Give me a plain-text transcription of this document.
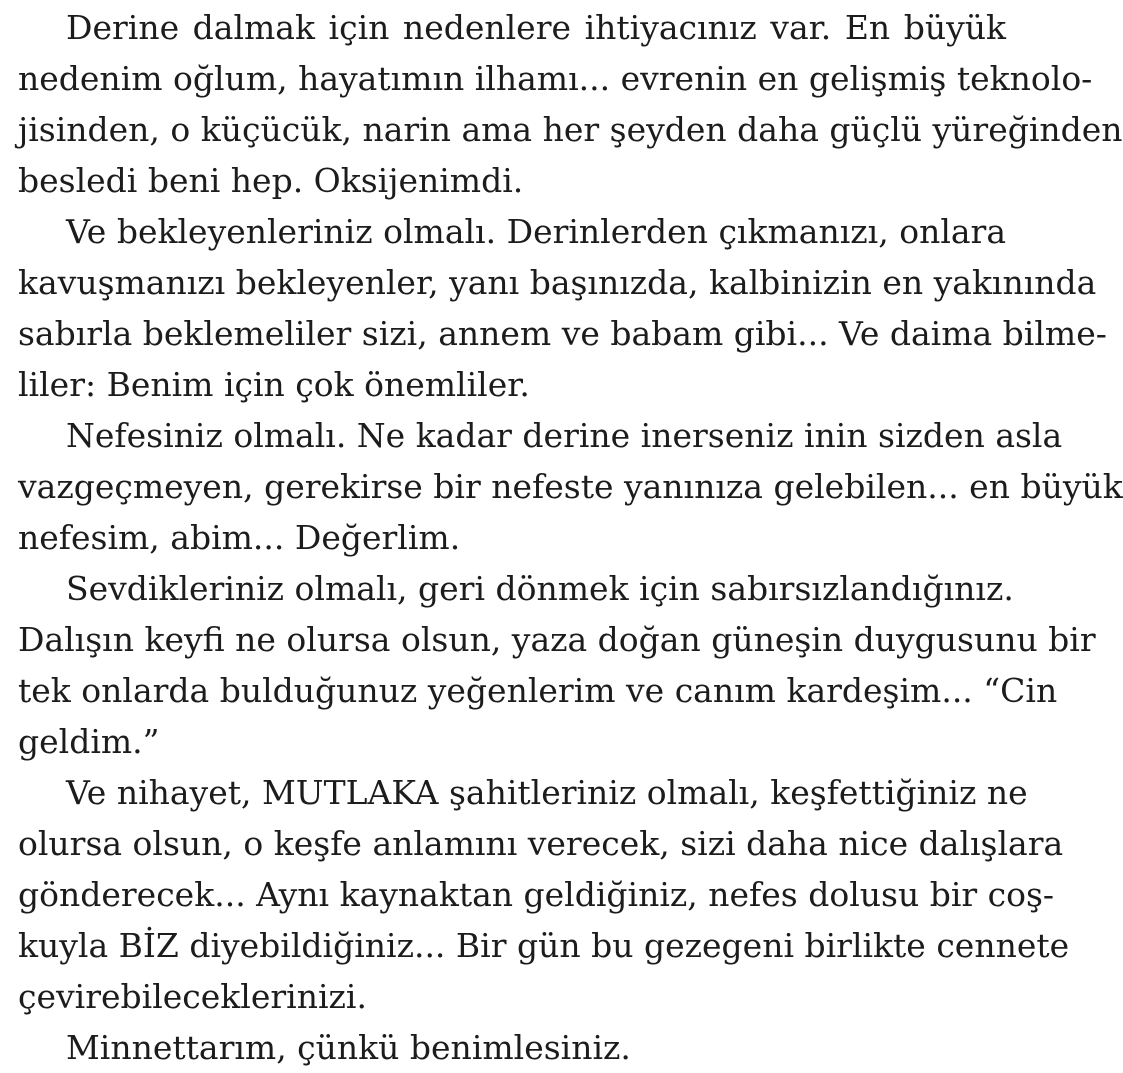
Derine dalmak için nedenlere ihtiyacınız var. En büyük
nedenim oğlum, hayatımın ilhamı... evrenin en gelişmiş teknolo-
jisinden, o küçücük, narin ama her şeyden daha güçlü yüreğinden
besledi beni hep. Oksijenimdi.
Ve bekleyenleriniz olmalı. Derinlerden çıkmanızı, onlara
kavuşmanızı bekleyenler, yanı başınızda, kalbinizin en yakınında
sabırla beklemeliler sizi, annem ve babam gibi... Ve daima bilme-
liler: Benim için çok önemliler.
Nefesiniz olmalı. Ne kadar derine inerseniz inin sizden asla
vazgeçmeyen, gerekirse bir nefeste yanınıza gelebilen... en büyük
nefesim, abim... Değerlim.
Sevdikleriniz olmalı, geri dönmek için sabırsızlandığınız.
Dalışın keyfi ne olursa olsun, yaza doğan güneşin duygusunu bir
tek onlarda bulduğunuz yeğenlerim ve canım kardeşim... “Cin
geldim.”
Ve nihayet, MUTLAKA şahitleriniz olmalı, keşfettiğiniz ne
olursa olsun, o keşfe anlamını verecek, sizi daha nice dalışlara
gönderecek... Aynı kaynaktan geldiğiniz, nefes dolusu bir coş-
kuyla BİZ diyebildiğiniz... Bir gün bu gezegeni birlikte cennete
çevirebileceklerinizi.
Minnettarım, çünkü benimlesiniz.
